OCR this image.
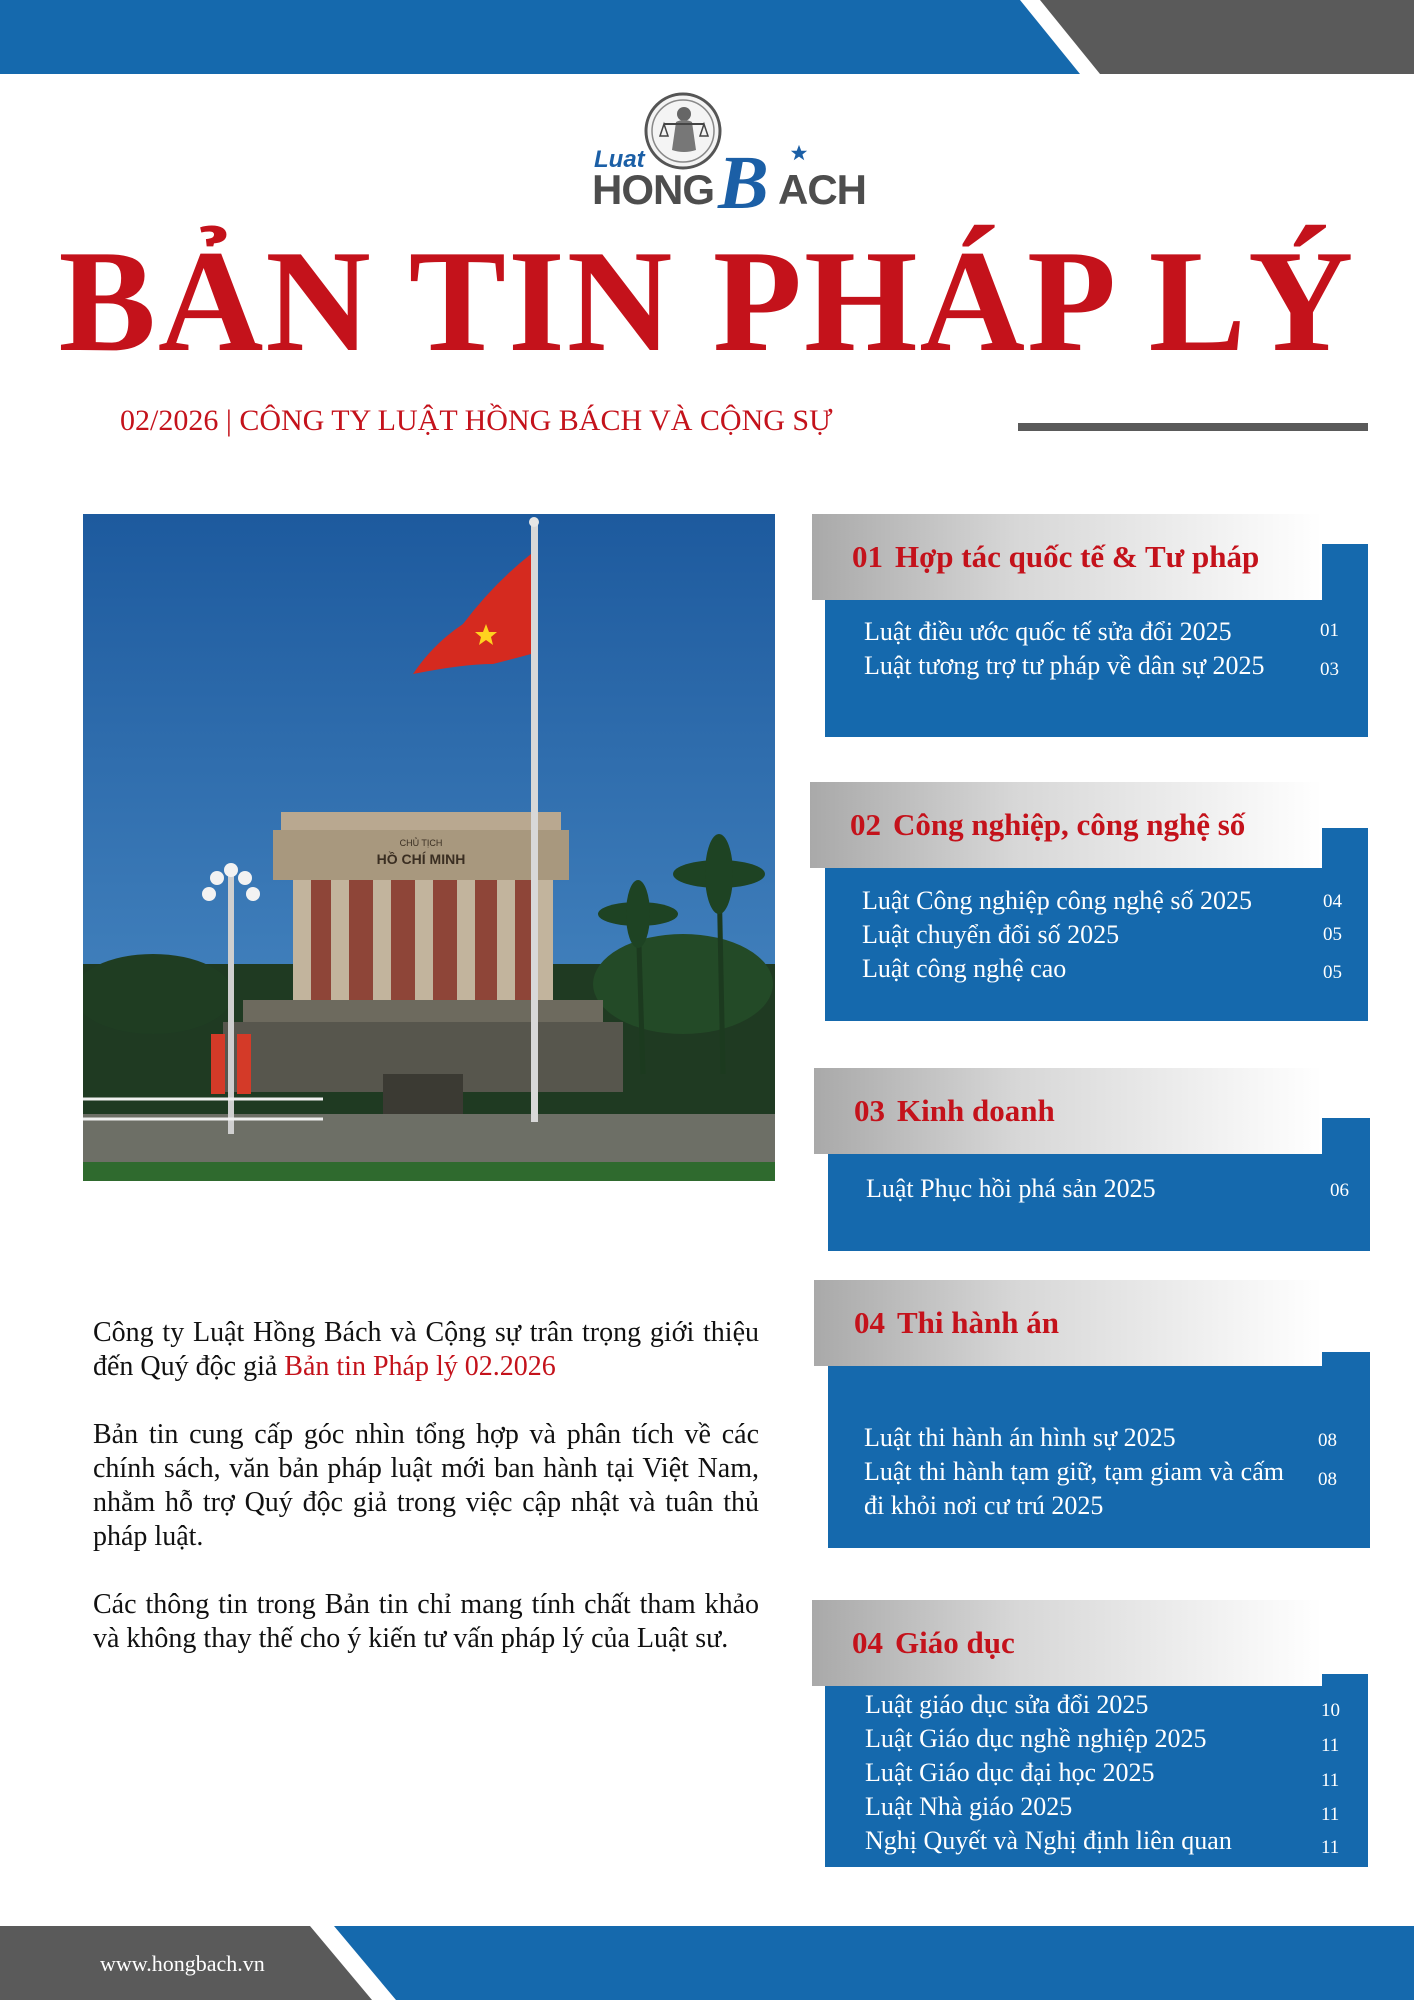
Luat
HONG B ACH
BẢN TIN PHÁP LÝ
02/2026 | CÔNG TY LUẬT HỒNG BÁCH VÀ CỘNG SỰ
CHỦ TỊCH
HỒ CHÍ MINH

Công ty Luật Hồng Bách và Cộng sự trân trọng giới thiệu đến Quý độc giả Bản tin Pháp lý 02.2026

Bản tin cung cấp góc nhìn tổng hợp và phân tích về các chính sách, văn bản pháp luật mới ban hành tại Việt Nam, nhằm hỗ trợ Quý độc giả trong việc cập nhật và tuân thủ pháp luật.

Các thông tin trong Bản tin chỉ mang tính chất tham khảo và không thay thế cho ý kiến tư vấn pháp lý của Luật sư.

01 Hợp tác quốc tế & Tư pháp
Luật điều ước quốc tế sửa đổi 2025	01
Luật tương trợ tư pháp về dân sự 2025	03
02 Công nghiệp, công nghệ số
Luật Công nghiệp công nghệ số 2025	04
Luật chuyển đổi số 2025	05
Luật công nghệ cao	05
03 Kinh doanh
Luật Phục hồi phá sản 2025	06
04 Thi hành án
Luật thi hành án hình sự 2025	08
Luật thi hành tạm giữ, tạm giam và cấm đi khỏi nơi cư trú 2025
08
04 Giáo dục
Luật giáo dục sửa đổi 2025	10
Luật Giáo dục nghề nghiệp 2025	11
Luật Giáo dục đại học 2025	11
Luật Nhà giáo 2025	11
Nghị Quyết và Nghị định liên quan	11
www.hongbach.vn
